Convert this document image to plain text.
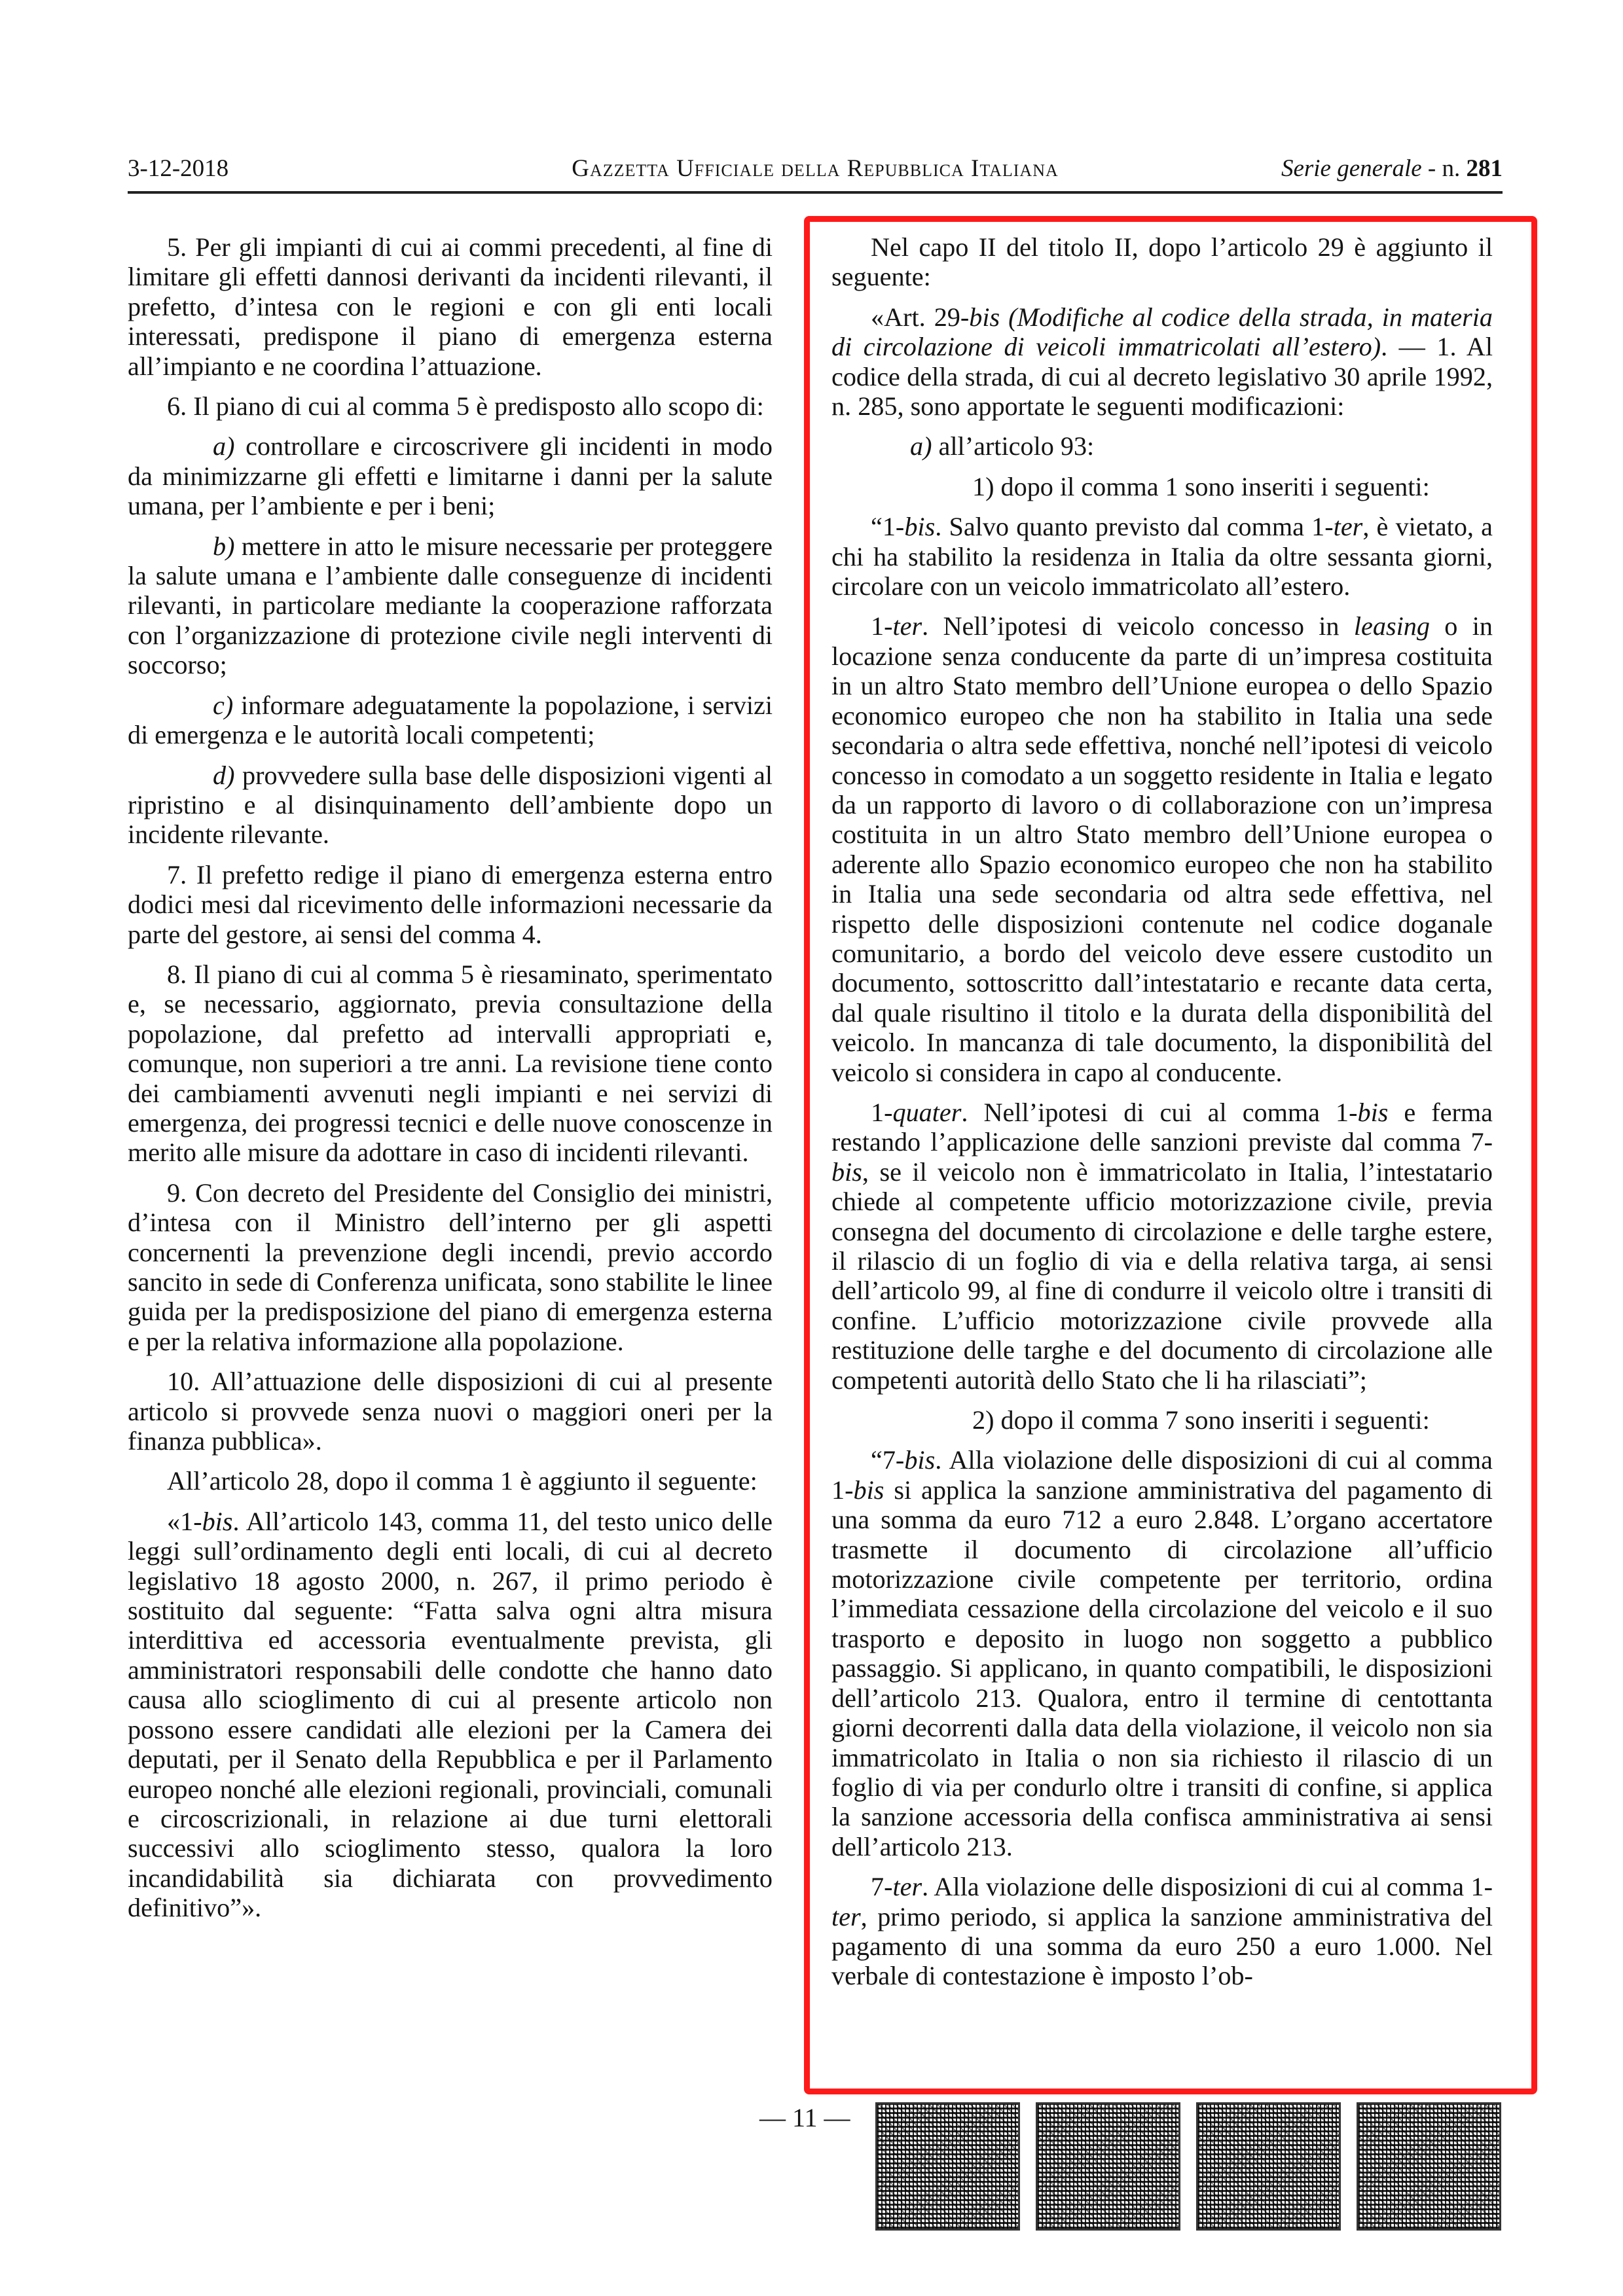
3-12-2018	Gazzetta Ufficiale della Repubblica Italiana	Serie generale - n. 281

5. Per gli impianti di cui ai commi precedenti, al fine di limitare gli effetti dannosi derivanti da incidenti rilevanti, il prefetto, d’intesa con le regioni e con gli enti locali interessati, predispone il piano di emergenza esterna all’impianto e ne coordina l’attuazione.

6. Il piano di cui al comma 5 è predisposto allo scopo di:

a) controllare e circoscrivere gli incidenti in modo da minimizzarne gli effetti e limitarne i danni per la salute umana, per l’ambiente e per i beni;

b) mettere in atto le misure necessarie per proteggere la salute umana e l’ambiente dalle conseguenze di incidenti rilevanti, in particolare mediante la cooperazione rafforzata con l’organizzazione di protezione civile negli interventi di soccorso;

c) informare adeguatamente la popolazione, i servizi di emergenza e le autorità locali competenti;

d) provvedere sulla base delle disposizioni vigenti al ripristino e al disinquinamento dell’ambiente dopo un incidente rilevante.

7. Il prefetto redige il piano di emergenza esterna entro dodici mesi dal ricevimento delle informazioni necessarie da parte del gestore, ai sensi del comma 4.

8. Il piano di cui al comma 5 è riesaminato, sperimentato e, se necessario, aggiornato, previa consultazione della popolazione, dal prefetto ad intervalli appropriati e, comunque, non superiori a tre anni. La revisione tiene conto dei cambiamenti avvenuti negli impianti e nei servizi di emergenza, dei progressi tecnici e delle nuove conoscenze in merito alle misure da adottare in caso di incidenti rilevanti.

9. Con decreto del Presidente del Consiglio dei ministri, d’intesa con il Ministro dell’interno per gli aspetti concernenti la prevenzione degli incendi, previo accordo sancito in sede di Conferenza unificata, sono stabilite le linee guida per la predisposizione del piano di emergenza esterna e per la relativa informazione alla popolazione.

10. All’attuazione delle disposizioni di cui al presente articolo si provvede senza nuovi o maggiori oneri per la finanza pubblica».

All’articolo 28, dopo il comma 1 è aggiunto il seguente:

«1-bis. All’articolo 143, comma 11, del testo unico delle leggi sull’ordinamento degli enti locali, di cui al decreto legislativo 18 agosto 2000, n. 267, il primo periodo è sostituito dal seguente: “Fatta salva ogni altra misura interdittiva ed accessoria eventualmente prevista, gli amministratori responsabili delle condotte che hanno dato causa allo scioglimento di cui al presente articolo non possono essere candidati alle elezioni per la Camera dei deputati, per il Senato della Repubblica e per il Parlamento europeo nonché alle elezioni regionali, provinciali, comunali e circoscrizionali, in relazione ai due turni elettorali successivi allo scioglimento stesso, qualora la loro incandidabilità sia dichiarata con provvedimento definitivo”».

Nel capo II del titolo II, dopo l’articolo 29 è aggiunto il seguente:

«Art. 29-bis (Modifiche al codice della strada, in materia di circolazione di veicoli immatricolati all’estero). — 1. Al codice della strada, di cui al decreto legislativo 30 aprile 1992, n. 285, sono apportate le seguenti modificazioni:

a) all’articolo 93:

1) dopo il comma 1 sono inseriti i seguenti:

“1-bis. Salvo quanto previsto dal comma 1-ter, è vietato, a chi ha stabilito la residenza in Italia da oltre sessanta giorni, circolare con un veicolo immatricolato all’estero.

1-ter. Nell’ipotesi di veicolo concesso in leasing o in locazione senza conducente da parte di un’impresa costituita in un altro Stato membro dell’Unione europea o dello Spazio economico europeo che non ha stabilito in Italia una sede secondaria o altra sede effettiva, nonché nell’ipotesi di veicolo concesso in comodato a un soggetto residente in Italia e legato da un rapporto di lavoro o di collaborazione con un’impresa costituita in un altro Stato membro dell’Unione europea o aderente allo Spazio economico europeo che non ha stabilito in Italia una sede secondaria od altra sede effettiva, nel rispetto delle disposizioni contenute nel codice doganale comunitario, a bordo del veicolo deve essere custodito un documento, sottoscritto dall’intestatario e recante data certa, dal quale risultino il titolo e la durata della disponibilità del veicolo. In mancanza di tale documento, la disponibilità del veicolo si considera in capo al conducente.

1-quater. Nell’ipotesi di cui al comma 1-bis e ferma restando l’applicazione delle sanzioni previste dal comma 7-bis, se il veicolo non è immatricolato in Italia, l’intestatario chiede al competente ufficio motorizzazione civile, previa consegna del documento di circolazione e delle targhe estere, il rilascio di un foglio di via e della relativa targa, ai sensi dell’articolo 99, al fine di condurre il veicolo oltre i transiti di confine. L’ufficio motorizzazione civile provvede alla restituzione delle targhe e del documento di circolazione alle competenti autorità dello Stato che li ha rilasciati”;

2) dopo il comma 7 sono inseriti i seguenti:

“7-bis. Alla violazione delle disposizioni di cui al comma 1-bis si applica la sanzione amministrativa del pagamento di una somma da euro 712 a euro 2.848. L’organo accertatore trasmette il documento di circolazione all’ufficio motorizzazione civile competente per territorio, ordina l’immediata cessazione della circolazione del veicolo e il suo trasporto e deposito in luogo non soggetto a pubblico passaggio. Si applicano, in quanto compatibili, le disposizioni dell’articolo 213. Qualora, entro il termine di centottanta giorni decorrenti dalla data della violazione, il veicolo non sia immatricolato in Italia o non sia richiesto il rilascio di un foglio di via per condurlo oltre i transiti di confine, si applica la sanzione accessoria della confisca amministrativa ai sensi dell’articolo 213.

7-ter. Alla violazione delle disposizioni di cui al comma 1-ter, primo periodo, si applica la sanzione amministrativa del pagamento di una somma da euro 250 a euro 1.000. Nel verbale di contestazione è imposto l’ob-

— 11 —
